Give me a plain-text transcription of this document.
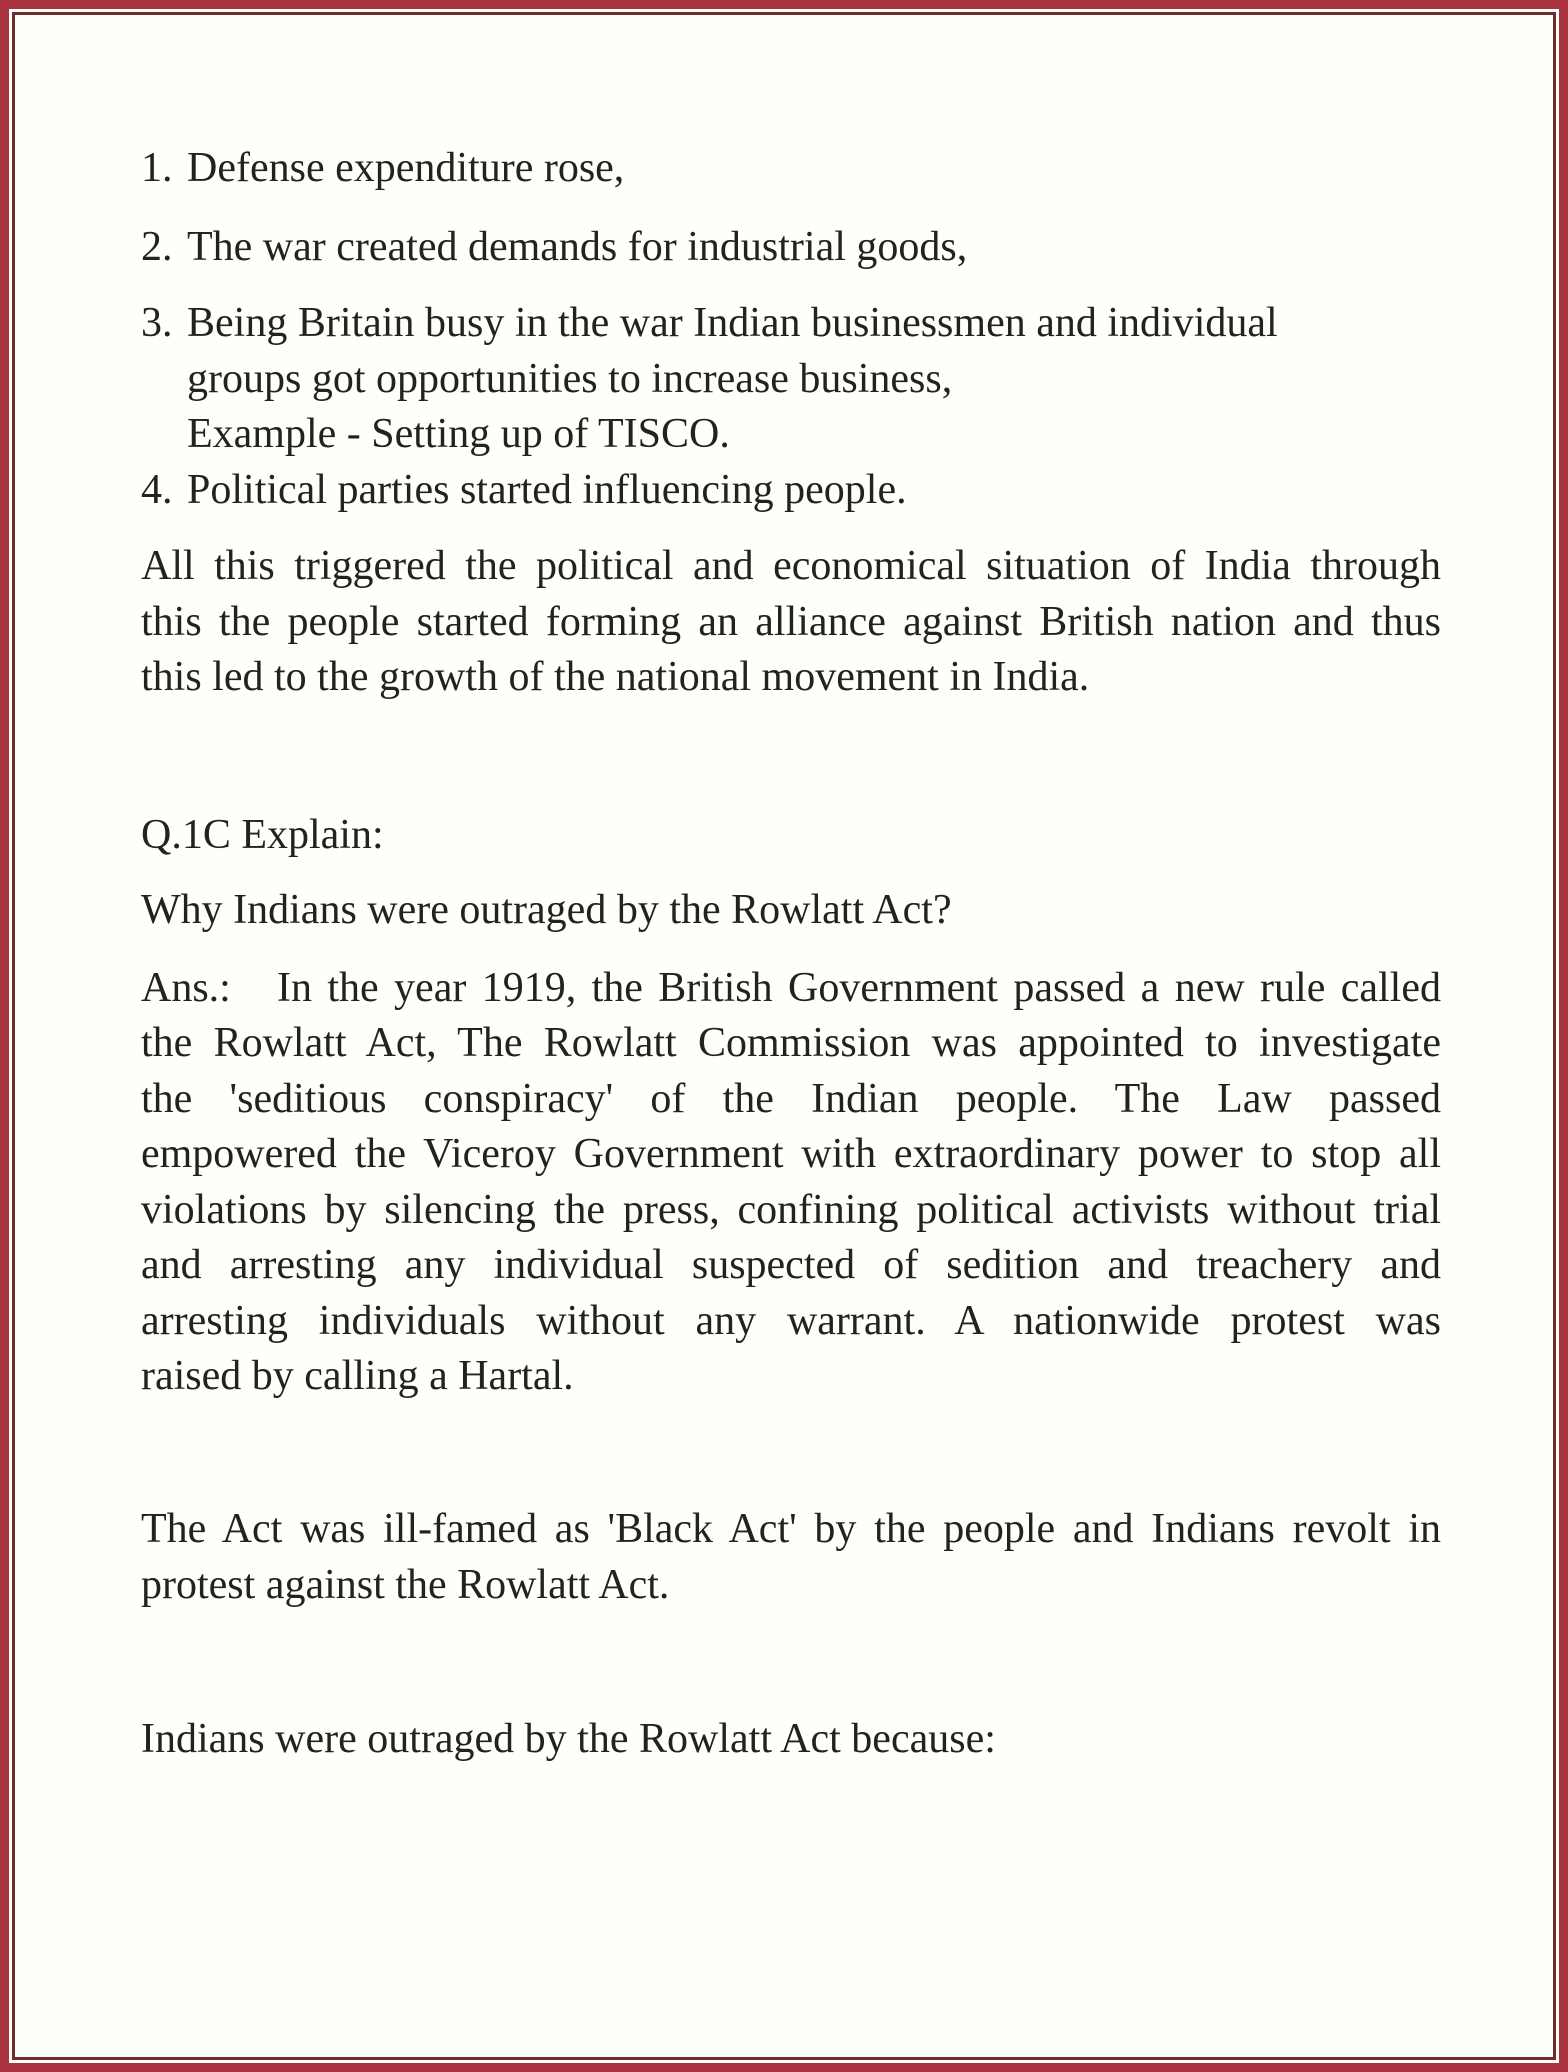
1. Defense expenditure rose,
2. The war created demands for industrial goods,
3. Being Britain busy in the war Indian businessmen and individual
groups got opportunities to increase business,
Example - Setting up of TISCO.
4. Political parties started influencing people.
All this triggered the political and economical situation of India through
this the people started forming an alliance against British nation and thus
this led to the growth of the national movement in India.
Q.1C Explain:
Why Indians were outraged by the Rowlatt Act?
Ans.:	In the year 1919, the British Government passed a new rule called
the Rowlatt Act, The Rowlatt Commission was appointed to investigate
the 'seditious conspiracy' of the Indian people. The Law passed
empowered the Viceroy Government with extraordinary power to stop all
violations by silencing the press, confining political activists without trial
and arresting any individual suspected of sedition and treachery and
arresting individuals without any warrant. A nationwide protest was
raised by calling a Hartal.
The Act was ill-famed as 'Black Act' by the people and Indians revolt in
protest against the Rowlatt Act.
Indians were outraged by the Rowlatt Act because:
